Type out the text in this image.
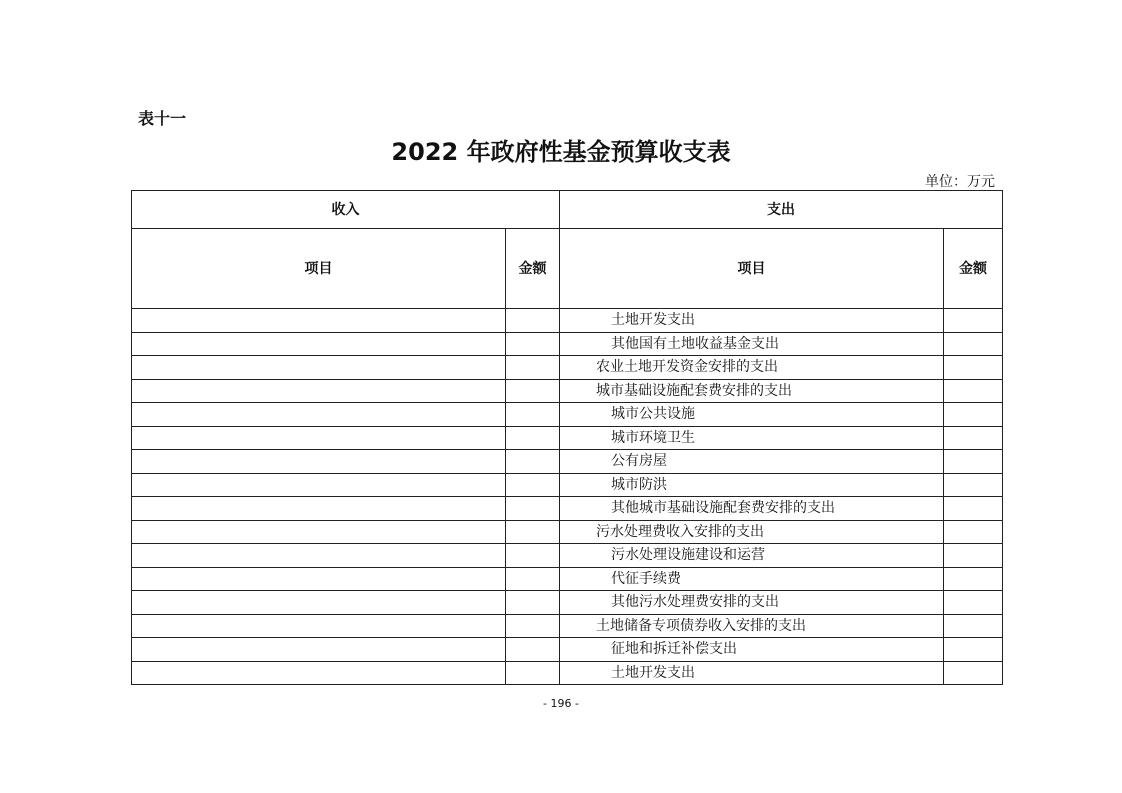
表十一
2022 年政府性基金预算收支表
单位：万元
收入		支出	
项目	金额	项目	金额
		土地开发支出	
		其他国有土地收益基金支出	
		农业土地开发资金安排的支出	
		城市基础设施配套费安排的支出	
		城市公共设施	
		城市环境卫生	
		公有房屋	
		城市防洪	
		其他城市基础设施配套费安排的支出	
		污水处理费收入安排的支出	
		污水处理设施建设和运营	
		代征手续费	
		其他污水处理费安排的支出	
		土地储备专项债券收入安排的支出	
		征地和拆迁补偿支出	
		土地开发支出	
- 196 -
